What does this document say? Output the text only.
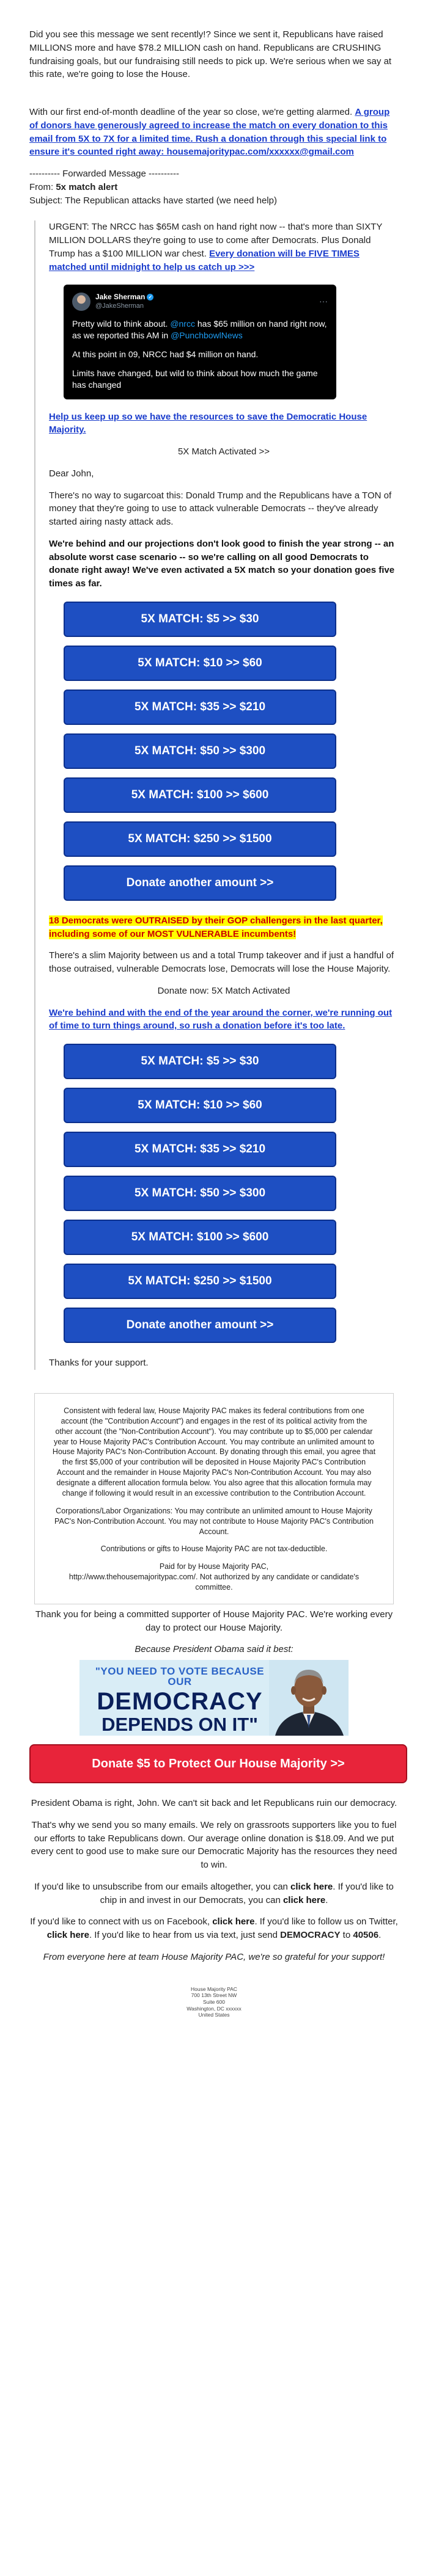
Did you see this message we sent recently!? Since we sent it, Republicans have raised MILLIONS more and have $78.2 MILLION cash on hand. Republicans are CRUSHING fundraising goals, but our fundraising still needs to pick up. We're serious when we say at this rate, we're going to lose the House.

With our first end-of-month deadline of the year so close, we're getting alarmed. A group of donors have generously agreed to increase the match on every donation to this email from 5X to 7X for a limited time. Rush a donation through this special link to ensure it's counted right away: housemajoritypac.com/xxxxxx@gmail.com

---------- Forwarded Message ----------

From: 5x match alert

Subject: The Republican attacks have started (we need help)

URGENT: The NRCC has $65M cash on hand right now -- that's more than SIXTY MILLION DOLLARS they're going to use to come after Democrats. Plus Donald Trump has a $100 MILLION war chest. Every donation will be FIVE TIMES matched until midnight to help us catch up >>>

Jake Sherman ✓
@JakeSherman
···

Pretty wild to think about. @nrcc has $65 million on hand right now, as we reported this AM in @PunchbowlNews

At this point in 09, NRCC had $4 million on hand.

Limits have changed, but wild to think about how much the game has changed

Help us keep up so we have the resources to save the Democratic House Majority.

5X Match Activated >>

Dear John,

There's no way to sugarcoat this: Donald Trump and the Republicans have a TON of money that they're going to use to attack vulnerable Democrats -- they've already started airing nasty attack ads.

We're behind and our projections don't look good to finish the year strong -- an absolute worst case scenario -- so we're calling on all good Democrats to donate right away! We've even activated a 5X match so your donation goes five times as far.

5X MATCH: $5 >> $30
5X MATCH: $10 >> $60
5X MATCH: $35 >> $210
5X MATCH: $50 >> $300
5X MATCH: $100 >> $600
5X MATCH: $250 >> $1500
Donate another amount >>

18 Democrats were OUTRAISED by their GOP challengers in the last quarter, including some of our MOST VULNERABLE incumbents!

There's a slim Majority between us and a total Trump takeover and if just a handful of those outraised, vulnerable Democrats lose, Democrats will lose the House Majority.

Donate now: 5X Match Activated

We're behind and with the end of the year around the corner, we're running out of time to turn things around, so rush a donation before it's too late.

5X MATCH: $5 >> $30
5X MATCH: $10 >> $60
5X MATCH: $35 >> $210
5X MATCH: $50 >> $300
5X MATCH: $100 >> $600
5X MATCH: $250 >> $1500
Donate another amount >>

Thanks for your support.

Consistent with federal law, House Majority PAC makes its federal contributions from one account (the "Contribution Account") and engages in the rest of its political activity from the other account (the "Non-Contribution Account"). You may contribute up to $5,000 per calendar year to House Majority PAC's Contribution Account. You may contribute an unlimited amount to House Majority PAC's Non-Contribution Account. By donating through this email, you agree that the first $5,000 of your contribution will be deposited in House Majority PAC's Contribution Account and the remainder in House Majority PAC's Non-Contribution Account. You may also designate a different allocation formula below. You also agree that this allocation formula may change if following it would result in an excessive contribution to the Contribution Account.

Corporations/Labor Organizations: You may contribute an unlimited amount to House Majority PAC's Non-Contribution Account. You may not contribute to House Majority PAC's Contribution Account.

Contributions or gifts to House Majority PAC are not tax-deductible.

Paid for by House Majority PAC,
http://www.thehousemajoritypac.com/. Not authorized by any candidate or candidate's committee.

Thank you for being a committed supporter of House Majority PAC. We're working every day to protect our House Majority.

Because President Obama said it best:

"YOU NEED TO VOTE BECAUSE OUR
DEMOCRACY
DEPENDS ON IT"
Donate $5 to Protect Our House Majority >>

President Obama is right, John. We can't sit back and let Republicans ruin our democracy.

That's why we send you so many emails. We rely on grassroots supporters like you to fuel our efforts to take Republicans down. Our average online donation is $18.09. And we put every cent to good use to make sure our Democratic Majority has the resources they need to win.

If you'd like to unsubscribe from our emails altogether, you can click here. If you'd like to chip in and invest in our Democrats, you can click here.

If you'd like to connect with us on Facebook, click here. If you'd like to follow us on Twitter, click here. If you'd like to hear from us via text, just send DEMOCRACY to 40506.

From everyone here at team House Majority PAC, we're so grateful for your support!

House Majority PAC
700 13th Street NW
Suite 600
Washington, DC xxxxxx
United States
